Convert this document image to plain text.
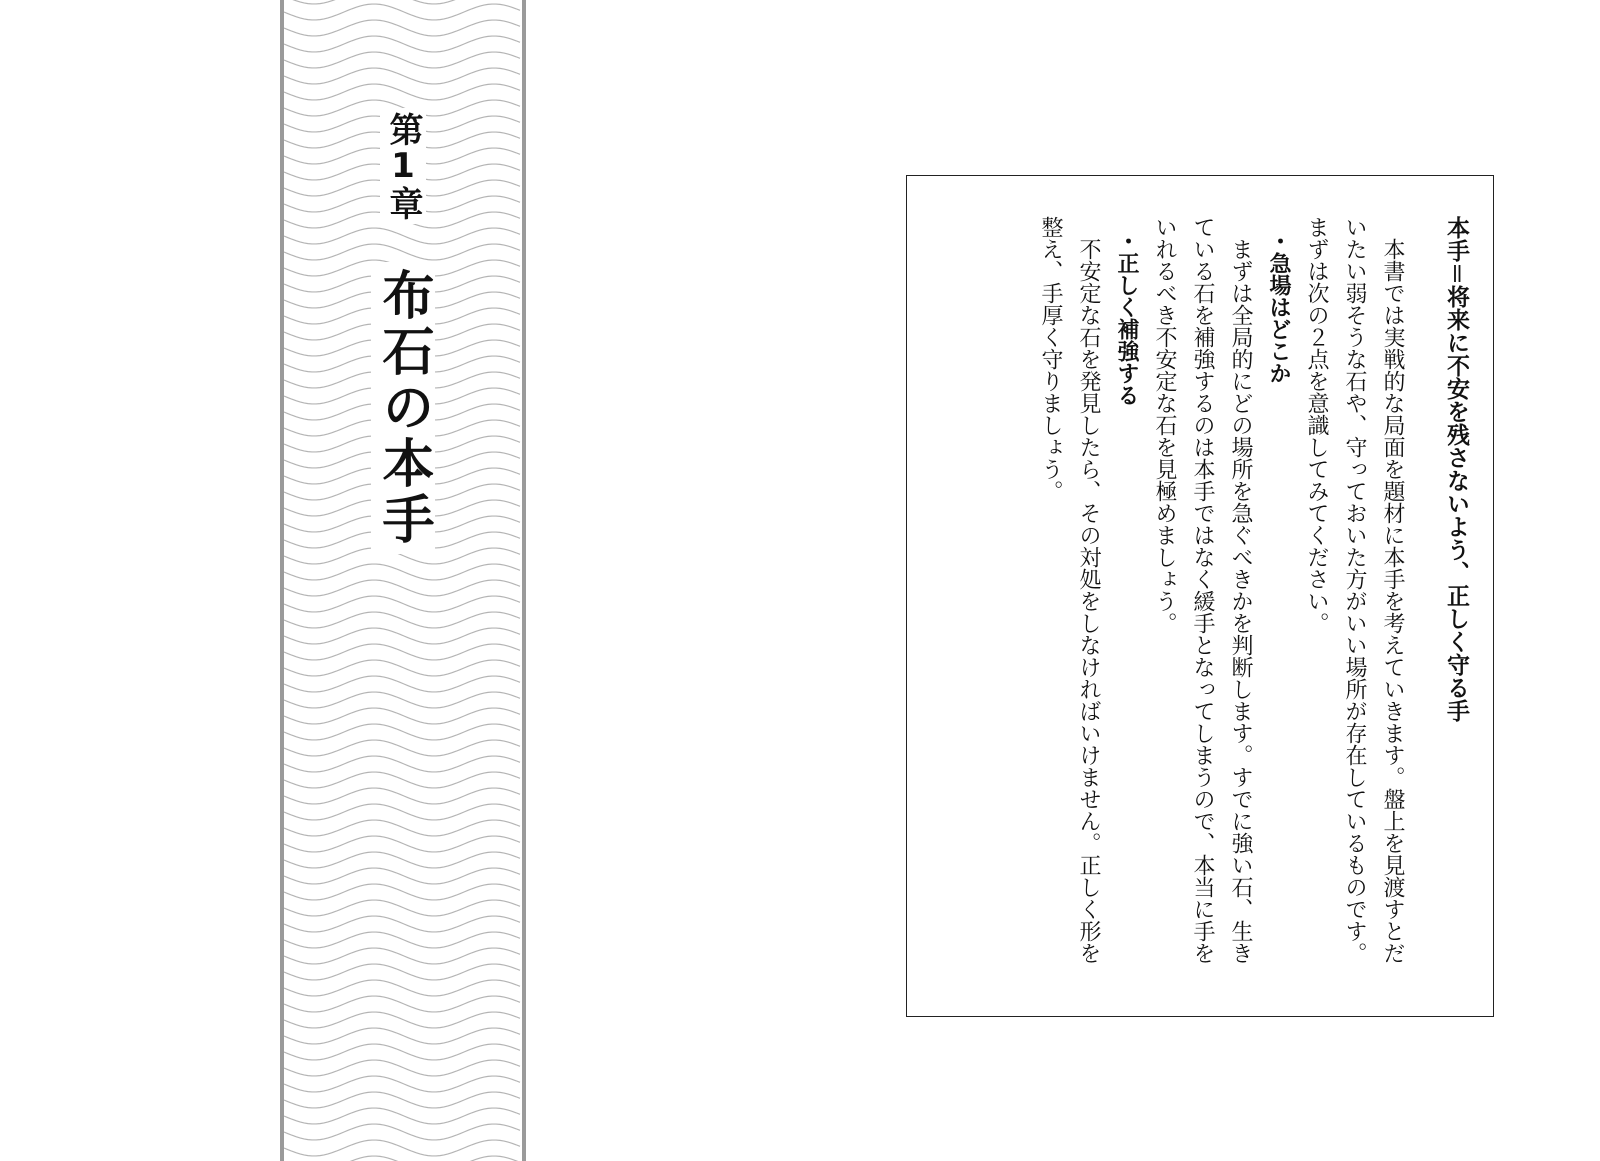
第1章
布石の本手	本手＝将来に不安を残さないよう、正しく守る手

本書では実戦的な局面を題材に本手を考えていきます。盤上を見渡すとだいたい弱そうな石や、守っておいた方がいい場所が存在しているものです。まずは次の２点を意識してみてください。

・急場はどこか

まずは全局的にどの場所を急ぐべきかを判断します。すでに強い石、生きている石を補強するのは本手ではなく緩手となってしまうので、本当に手をいれるべき不安定な石を見極めましょう。

・正しく補強する

不安定な石を発見したら、その対処をしなければいけません。正しく形を整え、手厚く守りましょう。
